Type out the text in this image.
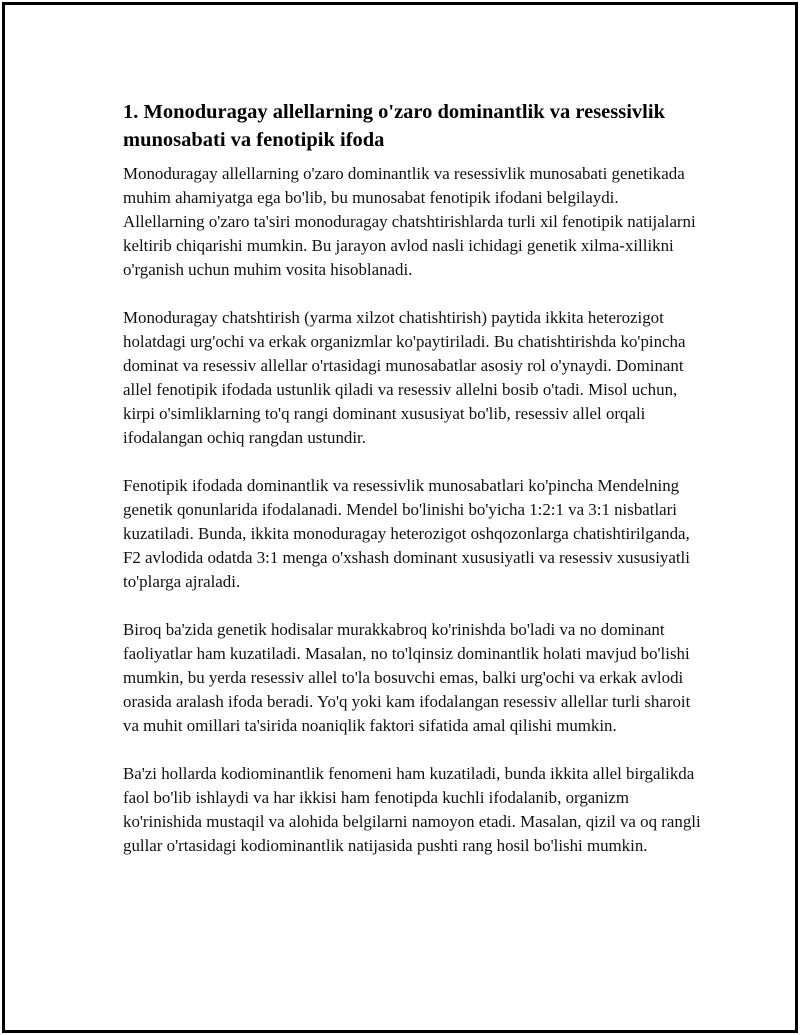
1. Monoduragay allellarning o'zaro dominantlik va resessivlik munosabati va fenotipik ifoda

Monoduragay allellarning o'zaro dominantlik va resessivlik munosabati genetikada muhim ahamiyatga ega bo'lib, bu munosabat fenotipik ifodani belgilaydi. Allellarning o'zaro ta'siri monoduragay chatshtirishlarda turli xil fenotipik natijalarni keltirib chiqarishi mumkin. Bu jarayon avlod nasli ichidagi genetik xilma-xillikni o'rganish uchun muhim vosita hisoblanadi.

Monoduragay chatshtirish (yarma xilzot chatishtirish) paytida ikkita heterozigot holatdagi urg'ochi va erkak organizmlar ko'paytiriladi. Bu chatishtirishda ko'pincha dominat va resessiv allellar o'rtasidagi munosabatlar asosiy rol o'ynaydi. Dominant allel fenotipik ifodada ustunlik qiladi va resessiv allelni bosib o'tadi. Misol uchun, kirpi o'simliklarning to'q rangi dominant xususiyat bo'lib, resessiv allel orqali ifodalangan ochiq rangdan ustundir.

Fenotipik ifodada dominantlik va resessivlik munosabatlari ko'pincha Mendelning genetik qonunlarida ifodalanadi. Mendel bo'linishi bo'yicha 1:2:1 va 3:1 nisbatlari kuzatiladi. Bunda, ikkita monoduragay heterozigot oshqozonlarga chatishtirilganda, F2 avlodida odatda 3:1 menga o'xshash dominant xususiyatli va resessiv xususiyatli to'plarga ajraladi.

Biroq ba'zida genetik hodisalar murakkabroq ko'rinishda bo'ladi va no dominant faoliyatlar ham kuzatiladi. Masalan, no to'lqinsiz dominantlik holati mavjud bo'lishi mumkin, bu yerda resessiv allel to'la bosuvchi emas, balki urg'ochi va erkak avlodi orasida aralash ifoda beradi. Yo'q yoki kam ifodalangan resessiv allellar turli sharoit va muhit omillari ta'sirida noaniqlik faktori sifatida amal qilishi mumkin.

Ba'zi hollarda kodiominantlik fenomeni ham kuzatiladi, bunda ikkita allel birgalikda faol bo'lib ishlaydi va har ikkisi ham fenotipda kuchli ifodalanib, organizm ko'rinishida mustaqil va alohida belgilarni namoyon etadi. Masalan, qizil va oq rangli gullar o'rtasidagi kodiominantlik natijasida pushti rang hosil bo'lishi mumkin.
